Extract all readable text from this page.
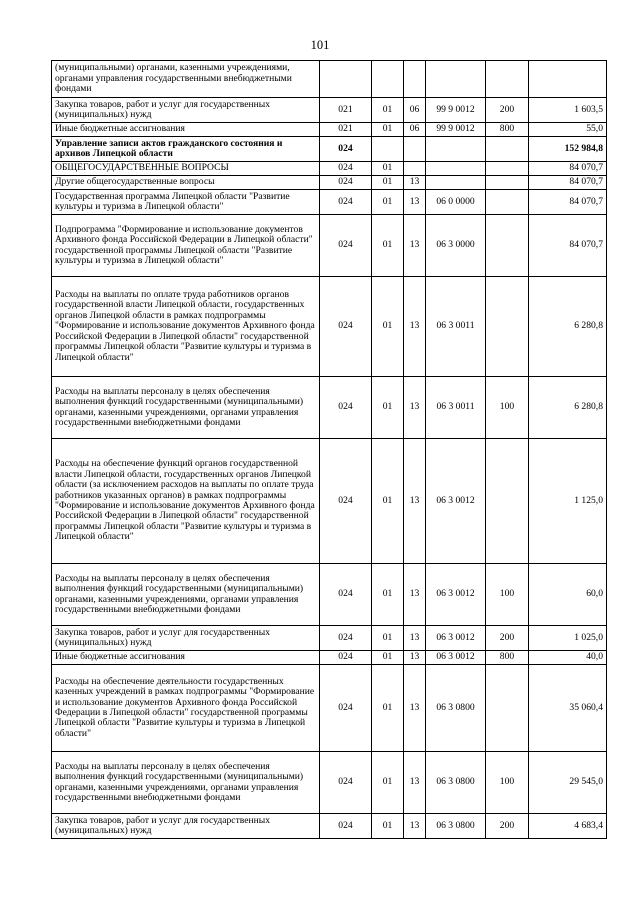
101
(муниципальными) органами, казенными учреждениями, органами управления государственными внебюджетными фондами						
Закупка товаров, работ и услуг для государственных (муниципальных) нужд	021	01	06	99 9 0012	200	1 603,5
Иные бюджетные ассигнования	021	01	06	99 9 0012	800	55,0
Управление записи актов гражданского состояния и архивов Липецкой области	024					152 984,8
ОБЩЕГОСУДАРСТВЕННЫЕ ВОПРОСЫ	024	01				84 070,7
Другие общегосударственные вопросы	024	01	13			84 070,7
Государственная программа Липецкой области "Развитие культуры и туризма в Липецкой области"	024	01	13	06 0 0000		84 070,7
Подпрограмма "Формирование и использование документов Архивного фонда Российской Федерации в Липецкой области" государственной программы Липецкой области "Развитие культуры и туризма в Липецкой области"	024	01	13	06 3 0000		84 070,7
Расходы на выплаты по оплате труда работников органов государственной власти Липецкой области, государственных органов Липецкой области в рамках подпрограммы "Формирование и использование документов Архивного фонда Российской Федерации в Липецкой области" государственной программы Липецкой области "Развитие культуры и туризма в Липецкой области"	024	01	13	06 3 0011		6 280,8
Расходы на выплаты персоналу в целях обеспечения выполнения функций государственными (муниципальными) органами, казенными учреждениями, органами управления государственными внебюджетными фондами	024	01	13	06 3 0011	100	6 280,8
Расходы на обеспечение функций органов государственной власти Липецкой области, государственных органов Липецкой области (за исключением расходов на выплаты по оплате труда работников указанных органов) в рамках подпрограммы "Формирование и использование документов Архивного фонда Российской Федерации в Липецкой области" государственной программы Липецкой области "Развитие культуры и туризма в Липецкой области"	024	01	13	06 3 0012		1 125,0
Расходы на выплаты персоналу в целях обеспечения выполнения функций государственными (муниципальными) органами, казенными учреждениями, органами управления государственными внебюджетными фондами	024	01	13	06 3 0012	100	60,0
Закупка товаров, работ и услуг для государственных (муниципальных) нужд	024	01	13	06 3 0012	200	1 025,0
Иные бюджетные ассигнования	024	01	13	06 3 0012	800	40,0
Расходы на обеспечение деятельности государственных казенных учреждений в рамках подпрограммы "Формирование и использование документов Архивного фонда Российской Федерации в Липецкой области" государственной программы Липецкой области "Развитие культуры и туризма в Липецкой области"	024	01	13	06 3 0800		35 060,4
Расходы на выплаты персоналу в целях обеспечения выполнения функций государственными (муниципальными) органами, казенными учреждениями, органами управления государственными внебюджетными фондами	024	01	13	06 3 0800	100	29 545,0
Закупка товаров, работ и услуг для государственных (муниципальных) нужд	024	01	13	06 3 0800	200	4 683,4
